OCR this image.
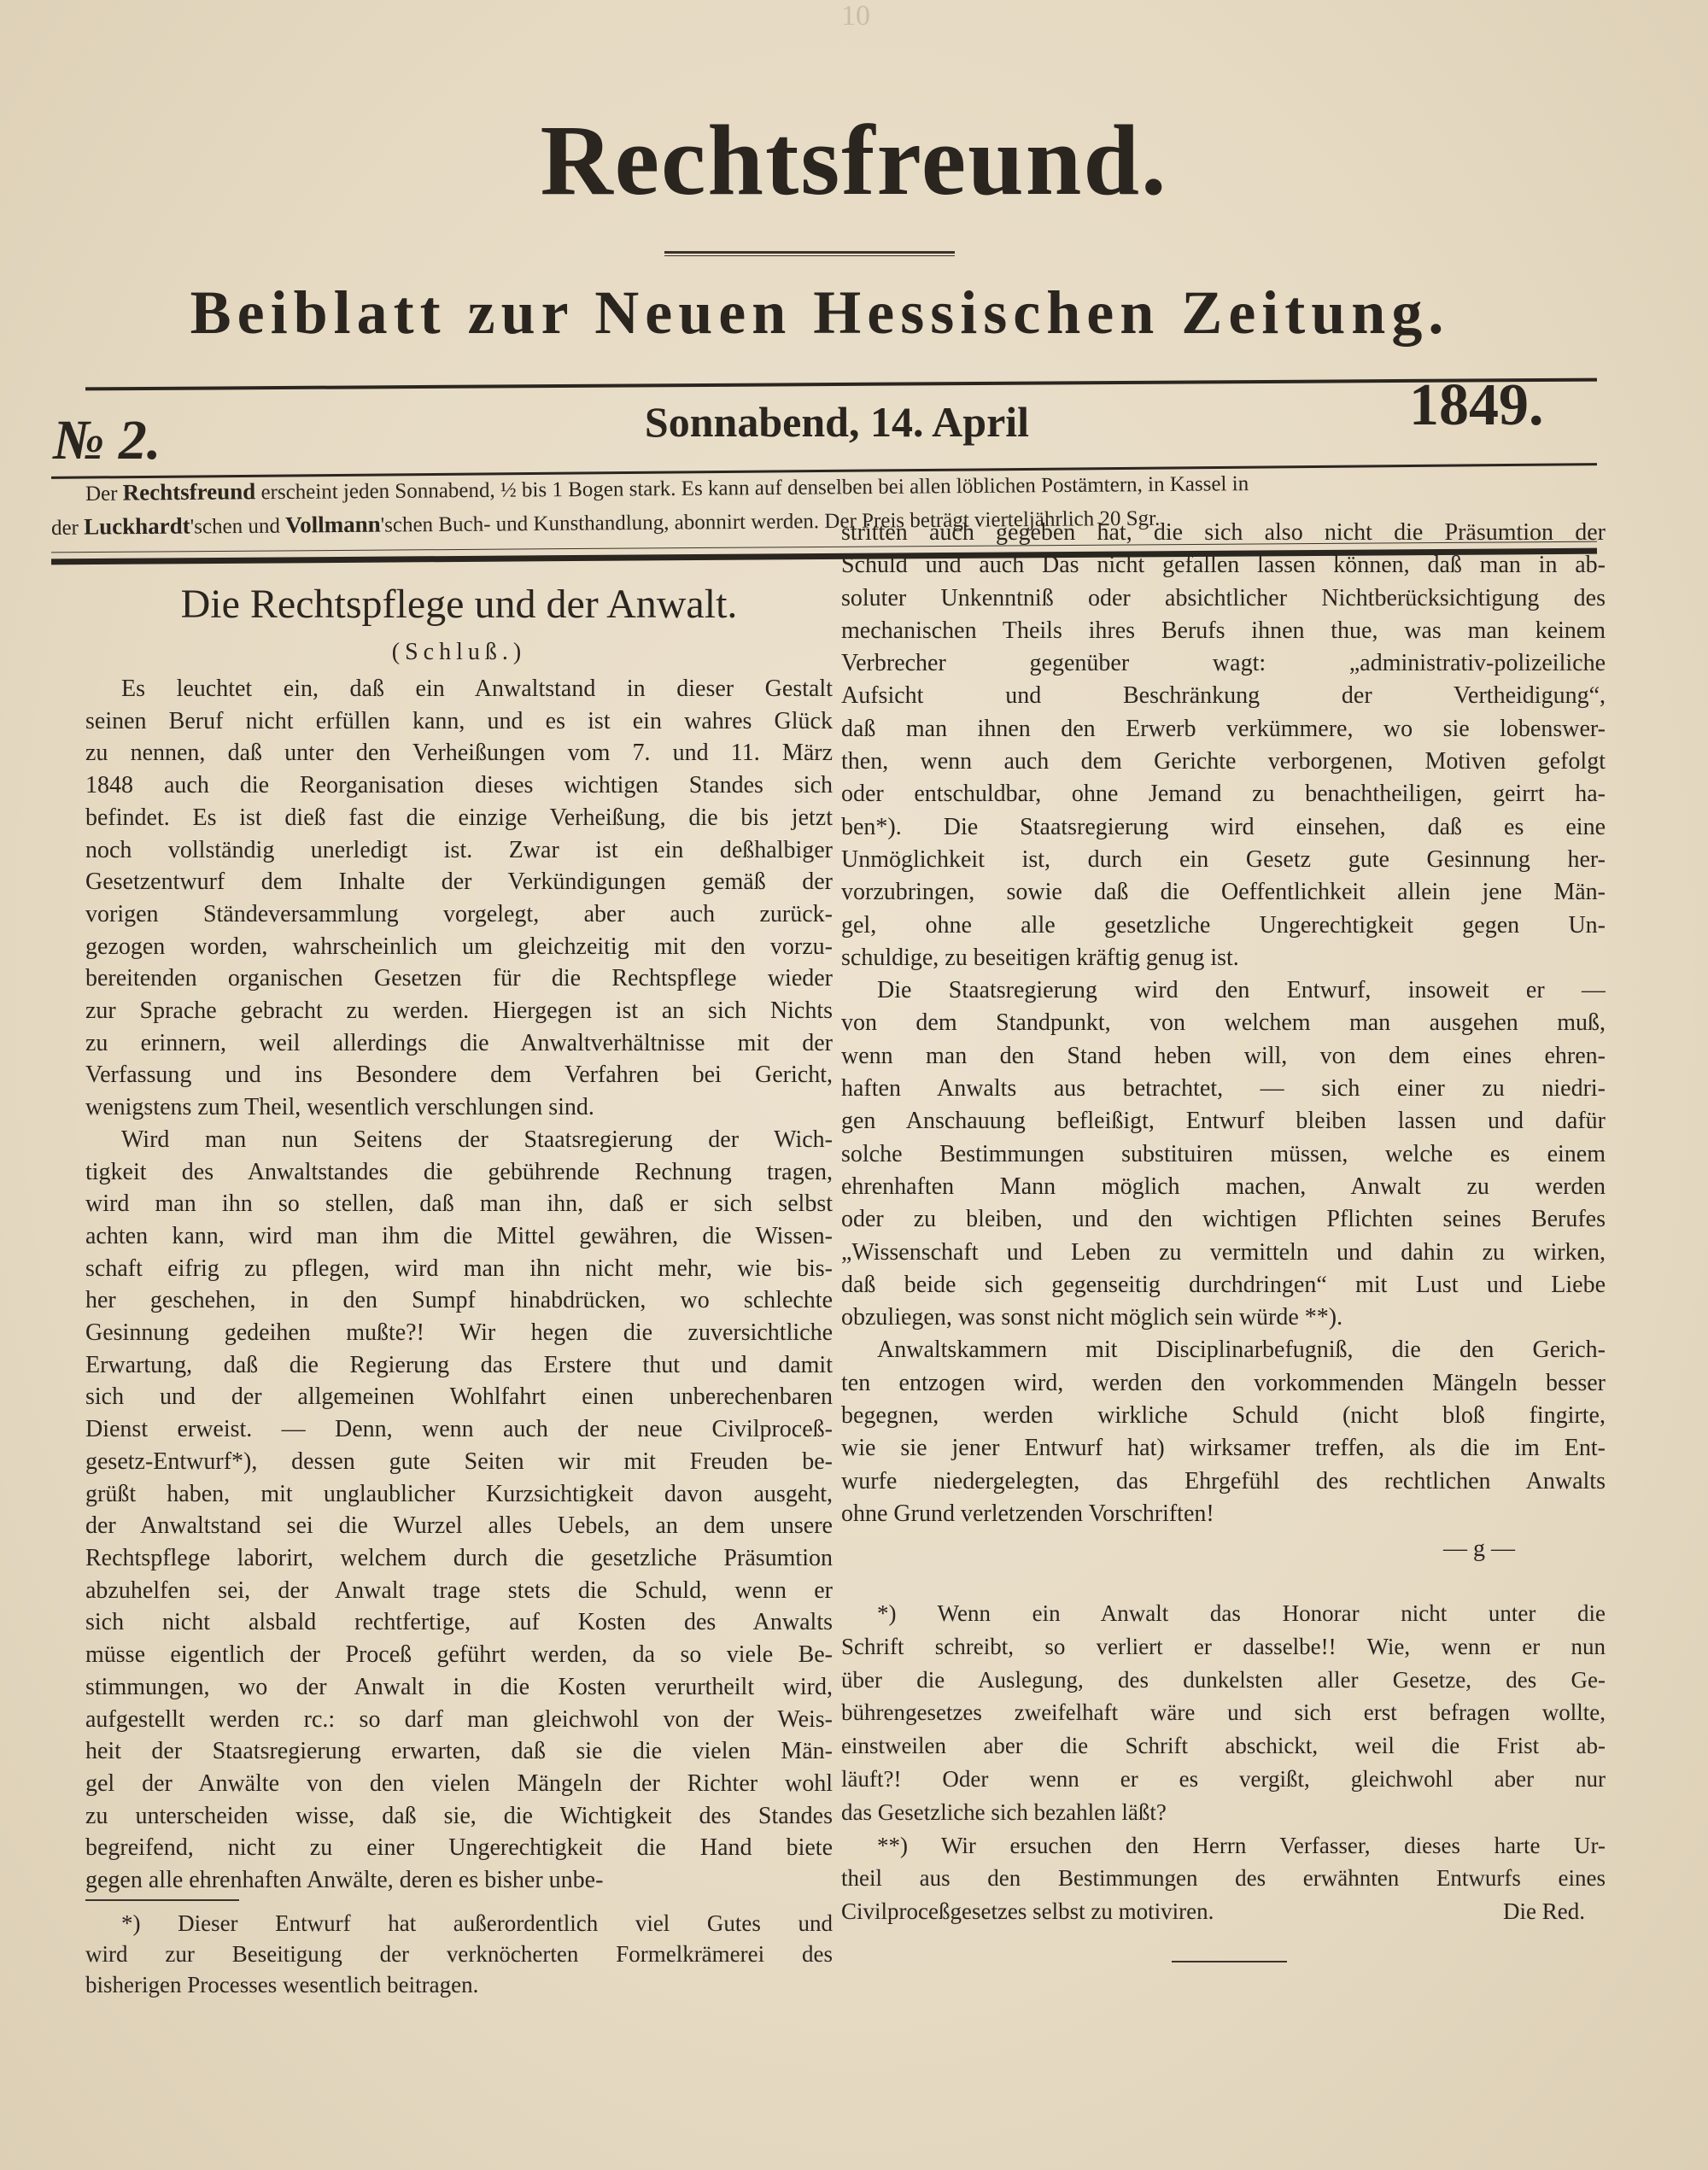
10
Rechtsfreund.
Beiblatt zur Neuen Hessischen Zeitung.
№ 2.	Sonnabend, 14. April	1849.
Der Rechtsfreund erscheint jeden Sonnabend, ½ bis 1 Bogen stark. Es kann auf denselben bei allen löblichen Postämtern, in Kassel in
der Luckhardt'schen und Vollmann'schen Buch- und Kunsthandlung, abonnirt werden. Der Preis beträgt vierteljährlich 20 Sgr.
Die Rechtspflege und der Anwalt.
(Schluß.)
Es leuchtet ein, daß ein Anwaltstand in dieser Gestalt
seinen Beruf nicht erfüllen kann, und es ist ein wahres Glück
zu nennen, daß unter den Verheißungen vom 7. und 11. März
1848 auch die Reorganisation dieses wichtigen Standes sich
befindet. Es ist dieß fast die einzige Verheißung, die bis jetzt
noch vollständig unerledigt ist. Zwar ist ein deßhalbiger
Gesetzentwurf dem Inhalte der Verkündigungen gemäß der
vorigen Ständeversammlung vorgelegt, aber auch zurück-
gezogen worden, wahrscheinlich um gleichzeitig mit den vorzu-
bereitenden organischen Gesetzen für die Rechtspflege wieder
zur Sprache gebracht zu werden. Hiergegen ist an sich Nichts
zu erinnern, weil allerdings die Anwaltverhältnisse mit der
Verfassung und ins Besondere dem Verfahren bei Gericht,
wenigstens zum Theil, wesentlich verschlungen sind.
Wird man nun Seitens der Staatsregierung der Wich-
tigkeit des Anwaltstandes die gebührende Rechnung tragen,
wird man ihn so stellen, daß man ihn, daß er sich selbst
achten kann, wird man ihm die Mittel gewähren, die Wissen-
schaft eifrig zu pflegen, wird man ihn nicht mehr, wie bis-
her geschehen, in den Sumpf hinabdrücken, wo schlechte
Gesinnung gedeihen mußte?! Wir hegen die zuversichtliche
Erwartung, daß die Regierung das Erstere thut und damit
sich und der allgemeinen Wohlfahrt einen unberechenbaren
Dienst erweist. — Denn, wenn auch der neue Civilproceß-
gesetz-Entwurf*), dessen gute Seiten wir mit Freuden be-
grüßt haben, mit unglaublicher Kurzsichtigkeit davon ausgeht,
der Anwaltstand sei die Wurzel alles Uebels, an dem unsere
Rechtspflege laborirt, welchem durch die gesetzliche Präsumtion
abzuhelfen sei, der Anwalt trage stets die Schuld, wenn er
sich nicht alsbald rechtfertige, auf Kosten des Anwalts
müsse eigentlich der Proceß geführt werden, da so viele Be-
stimmungen, wo der Anwalt in die Kosten verurtheilt wird,
aufgestellt werden rc.: so darf man gleichwohl von der Weis-
heit der Staatsregierung erwarten, daß sie die vielen Män-
gel der Anwälte von den vielen Mängeln der Richter wohl
zu unterscheiden wisse, daß sie, die Wichtigkeit des Standes
begreifend, nicht zu einer Ungerechtigkeit die Hand biete
gegen alle ehrenhaften Anwälte, deren es bisher unbe-
*) Dieser Entwurf hat außerordentlich viel Gutes und
wird zur Beseitigung der verknöcherten Formelkrämerei des
bisherigen Processes wesentlich beitragen.
stritten auch gegeben hat, die sich also nicht die Präsumtion der
Schuld und auch Das nicht gefallen lassen können, daß man in ab-
soluter Unkenntniß oder absichtlicher Nichtberücksichtigung des
mechanischen Theils ihres Berufs ihnen thue, was man keinem
Verbrecher gegenüber wagt: „administrativ-polizeiliche
Aufsicht und Beschränkung der Vertheidigung“,
daß man ihnen den Erwerb verkümmere, wo sie lobenswer-
then, wenn auch dem Gerichte verborgenen, Motiven gefolgt
oder entschuldbar, ohne Jemand zu benachtheiligen, geirrt ha-
ben*). Die Staatsregierung wird einsehen, daß es eine
Unmöglichkeit ist, durch ein Gesetz gute Gesinnung her-
vorzubringen, sowie daß die Oeffentlichkeit allein jene Män-
gel, ohne alle gesetzliche Ungerechtigkeit gegen Un-
schuldige, zu beseitigen kräftig genug ist.
Die Staatsregierung wird den Entwurf, insoweit er —
von dem Standpunkt, von welchem man ausgehen muß,
wenn man den Stand heben will, von dem eines ehren-
haften Anwalts aus betrachtet, — sich einer zu niedri-
gen Anschauung befleißigt, Entwurf bleiben lassen und dafür
solche Bestimmungen substituiren müssen, welche es einem
ehrenhaften Mann möglich machen, Anwalt zu werden
oder zu bleiben, und den wichtigen Pflichten seines Berufes
„Wissenschaft und Leben zu vermitteln und dahin zu wirken,
daß beide sich gegenseitig durchdringen“ mit Lust und Liebe
obzuliegen, was sonst nicht möglich sein würde **).
Anwaltskammern mit Disciplinarbefugniß, die den Gerich-
ten entzogen wird, werden den vorkommenden Mängeln besser
begegnen, werden wirkliche Schuld (nicht bloß fingirte,
wie sie jener Entwurf hat) wirksamer treffen, als die im Ent-
wurfe niedergelegten, das Ehrgefühl des rechtlichen Anwalts
ohne Grund verletzenden Vorschriften!
— g —
*) Wenn ein Anwalt das Honorar nicht unter die
Schrift schreibt, so verliert er dasselbe!! Wie, wenn er nun
über die Auslegung, des dunkelsten aller Gesetze, des Ge-
bührengesetzes zweifelhaft wäre und sich erst befragen wollte,
einstweilen aber die Schrift abschickt, weil die Frist ab-
läuft?! Oder wenn er es vergißt, gleichwohl aber nur
das Gesetzliche sich bezahlen läßt?
**) Wir ersuchen den Herrn Verfasser, dieses harte Ur-
theil aus den Bestimmungen des erwähnten Entwurfs eines
Civilproceßgesetzes selbst zu motiviren.	Die Red.
